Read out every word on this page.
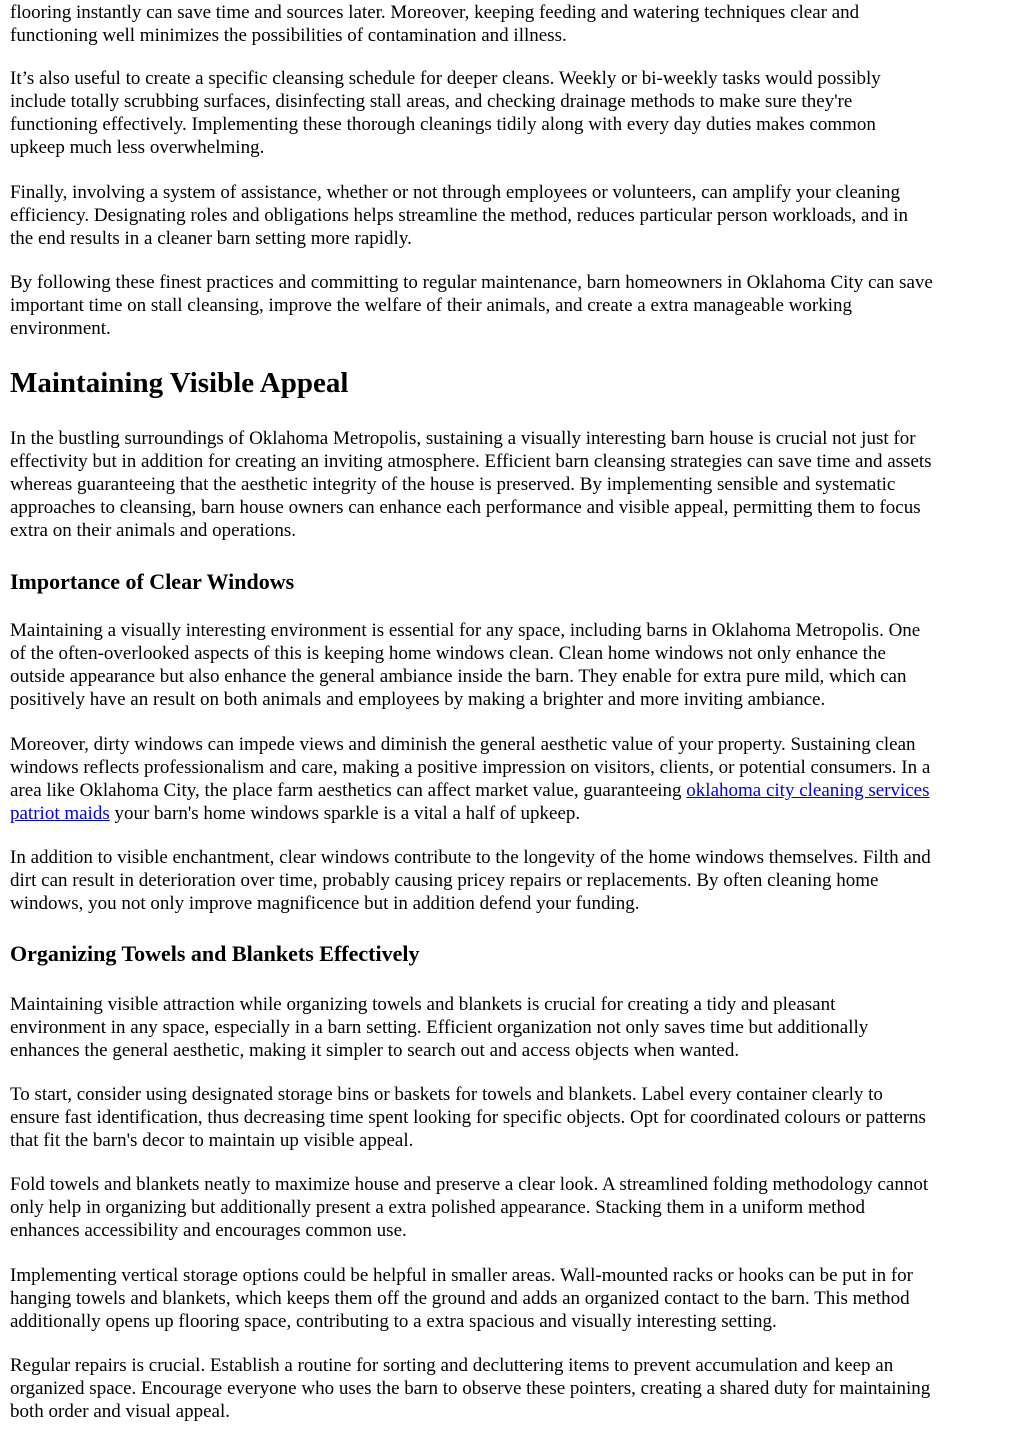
flooring instantly can save time and sources later. Moreover, keeping feeding and watering techniques clear and
functioning well minimizes the possibilities of contamination and illness.

It’s also useful to create a specific cleansing schedule for deeper cleans. Weekly or bi-weekly tasks would possibly
include totally scrubbing surfaces, disinfecting stall areas, and checking drainage methods to make sure they're
functioning effectively. Implementing these thorough cleanings tidily along with every day duties makes common
upkeep much less overwhelming.

Finally, involving a system of assistance, whether or not through employees or volunteers, can amplify your cleaning
efficiency. Designating roles and obligations helps streamline the method, reduces particular person workloads, and in
the end results in a cleaner barn setting more rapidly.

By following these finest practices and committing to regular maintenance, barn homeowners in Oklahoma City can save
important time on stall cleansing, improve the welfare of their animals, and create a extra manageable working
environment.

Maintaining Visible Appeal

In the bustling surroundings of Oklahoma Metropolis, sustaining a visually interesting barn house is crucial not just for
effectivity but in addition for creating an inviting atmosphere. Efficient barn cleansing strategies can save time and assets
whereas guaranteeing that the aesthetic integrity of the house is preserved. By implementing sensible and systematic
approaches to cleansing, barn house owners can enhance each performance and visible appeal, permitting them to focus
extra on their animals and operations.

Importance of Clear Windows

Maintaining a visually interesting environment is essential for any space, including barns in Oklahoma Metropolis. One
of the often-overlooked aspects of this is keeping home windows clean. Clean home windows not only enhance the
outside appearance but also enhance the general ambiance inside the barn. They enable for extra pure mild, which can
positively have an result on both animals and employees by making a brighter and more inviting ambiance.

Moreover, dirty windows can impede views and diminish the general aesthetic value of your property. Sustaining clean
windows reflects professionalism and care, making a positive impression on visitors, clients, or potential consumers. In a
area like Oklahoma City, the place farm aesthetics can affect market value, guaranteeing oklahoma city cleaning services
patriot maids your barn's home windows sparkle is a vital a half of upkeep.

In addition to visible enchantment, clear windows contribute to the longevity of the home windows themselves. Filth and
dirt can result in deterioration over time, probably causing pricey repairs or replacements. By often cleaning home
windows, you not only improve magnificence but in addition defend your funding.

Organizing Towels and Blankets Effectively

Maintaining visible attraction while organizing towels and blankets is crucial for creating a tidy and pleasant
environment in any space, especially in a barn setting. Efficient organization not only saves time but additionally
enhances the general aesthetic, making it simpler to search out and access objects when wanted.

To start, consider using designated storage bins or baskets for towels and blankets. Label every container clearly to
ensure fast identification, thus decreasing time spent looking for specific objects. Opt for coordinated colours or patterns
that fit the barn's decor to maintain up visible appeal.

Fold towels and blankets neatly to maximize house and preserve a clear look. A streamlined folding methodology cannot
only help in organizing but additionally present a extra polished appearance. Stacking them in a uniform method
enhances accessibility and encourages common use.

Implementing vertical storage options could be helpful in smaller areas. Wall-mounted racks or hooks can be put in for
hanging towels and blankets, which keeps them off the ground and adds an organized contact to the barn. This method
additionally opens up flooring space, contributing to a extra spacious and visually interesting setting.

Regular repairs is crucial. Establish a routine for sorting and decluttering items to prevent accumulation and keep an
organized space. Encourage everyone who uses the barn to observe these pointers, creating a shared duty for maintaining
both order and visual appeal.
